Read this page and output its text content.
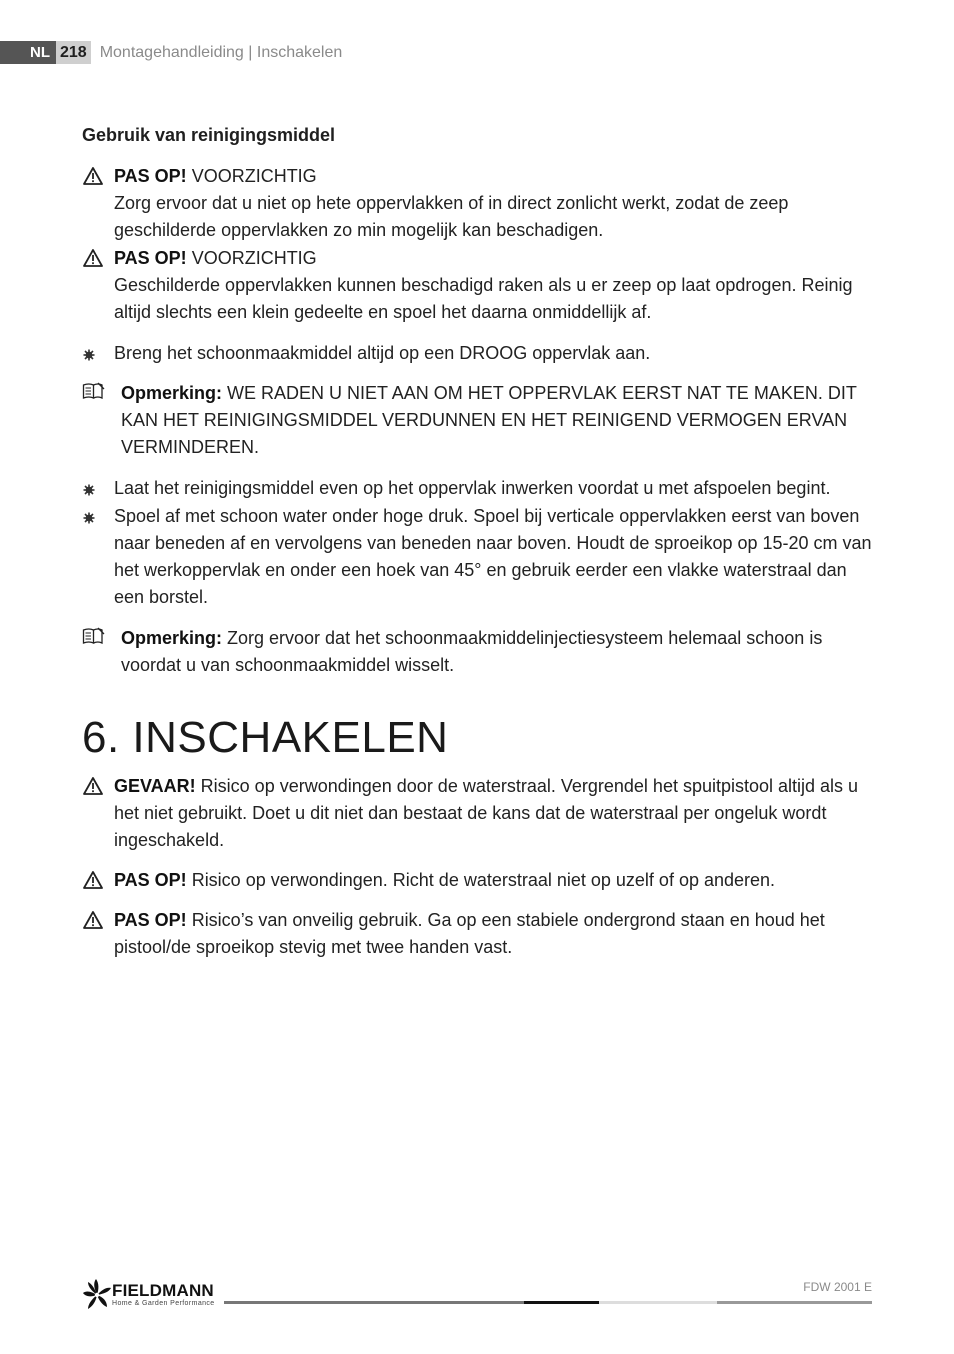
NL 218 Montagehandleiding | Inschakelen
Gebruik van reinigingsmiddel
PAS OP! VOORZICHTIG
Zorg ervoor dat u niet op hete oppervlakken of in direct zonlicht werkt, zodat de zeep geschilderde oppervlakken zo min mogelijk kan beschadigen.
PAS OP! VOORZICHTIG
Geschilderde oppervlakken kunnen beschadigd raken als u er zeep op laat opdrogen. Reinig altijd slechts een klein gedeelte en spoel het daarna onmiddellijk af.
Breng het schoonmaakmiddel altijd op een DROOG oppervlak aan.
Opmerking: WE RADEN U NIET AAN OM HET OPPERVLAK EERST NAT TE MAKEN. DIT KAN HET REINIGINGSMIDDEL VERDUNNEN EN HET REINIGEND VERMOGEN ERVAN VERMINDEREN.
Laat het reinigingsmiddel even op het oppervlak inwerken voordat u met afspoelen begint.
Spoel af met schoon water onder hoge druk. Spoel bij verticale oppervlakken eerst van boven naar beneden af en vervolgens van beneden naar boven. Houdt de sproeikop op 15-20 cm van het werkoppervlak en onder een hoek van 45° en gebruik eerder een vlakke waterstraal dan een borstel.
Opmerking: Zorg ervoor dat het schoonmaakmiddelinjectiesysteem helemaal schoon is voordat u van schoonmaakmiddel wisselt.
6. INSCHAKELEN
GEVAAR! Risico op verwondingen door de waterstraal. Vergrendel het spuitpistool altijd als u het niet gebruikt. Doet u dit niet dan bestaat de kans dat de waterstraal per ongeluk wordt ingeschakeld.
PAS OP! Risico op verwondingen. Richt de waterstraal niet op uzelf of op anderen.
PAS OP! Risico’s van onveilig gebruik. Ga op een stabiele ondergrond staan en houd het pistool/de sproeikop stevig met twee handen vast.
FIELDMANN
Home & Garden Performance
FDW 2001 E
